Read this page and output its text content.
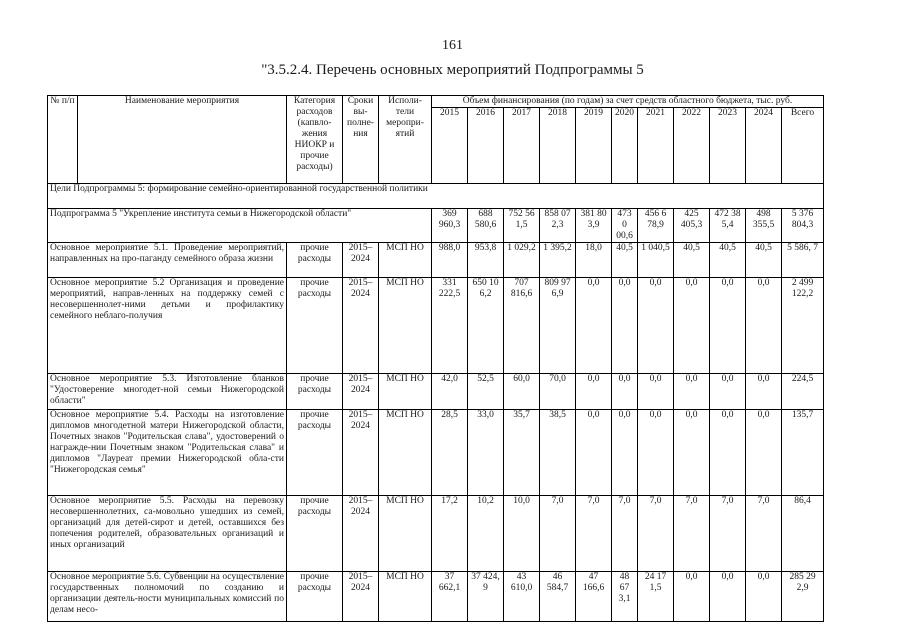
161
"3.5.2.4. Перечень основных мероприятий Подпрограммы 5
№ п/п	Наименование мероприятия	Категория расходов (капвло-жения НИОКР и прочие расходы)	Сроки вы-полне-ния	Исполи-тели меропри-ятий	Объем финансирования (по годам) за счет средств областного бюджета, тыс. руб.										
					2015	2016	2017	2018	2019	2020	2021	2022	2023	2024	Всего
Цели Подпрограммы 5: формирование семейно-ориентированной государственной политики															
Подпрограмма 5 "Укрепление института семьи в Нижегородской области"					369 960,3	688 580,6	752 56 1,5	858 07 2,3	381 80 3,9	473 0 00,6	456 6 78,9	425 405,3	472 38 5,4	498 355,5	5 376 804,3
Основное мероприятие 5.1. Проведение мероприятий, направленных на про-паганду семейного образа жизни		прочие расходы	2015– 2024	МСП НО	988,0	953,8	1 029,2	1 395,2	18,0	40,5	1 040,5	40,5	40,5	40,5	5 586, 7
Основное мероприятие 5.2 Организация и проведение мероприятий, направ-ленных на поддержку семей с несовершеннолет-ними детьми и профилактику семейного неблаго-получия		прочие расходы	2015– 2024	МСП НО	331 222,5	650 10 6,2	707 816,6	809 97 6,9	0,0	0,0	0,0	0,0	0,0	0,0	2 499 122,2
Основное мероприятие 5.3. Изготовление бланков "Удостоверение многодет-ной семьи Нижегородской области"		прочие расходы	2015– 2024	МСП НО	42,0	52,5	60,0	70,0	0,0	0,0	0,0	0,0	0,0	0,0	224,5
Основное мероприятие 5.4. Расходы на изготовление дипломов многодетной матери Нижегородской области, Почетных знаков "Родительская слава", удостоверений о награжде-нии Почетным знаком "Родительская слава" и дипломов "Лауреат премии Нижегородской обла-сти "Нижегородская семья"		прочие расходы	2015– 2024	МСП НО	28,5	33,0	35,7	38,5	0,0	0,0	0,0	0,0	0,0	0,0	135,7
Основное мероприятие 5.5. Расходы на перевозку несовершеннолетних, са-мовольно ушедших из семей, организаций для детей-сирот и детей, оставшихся без попечения родителей, образовательных организаций и иных организаций		прочие расходы	2015– 2024	МСП НО	17,2	10,2	10,0	7,0	7,0	7,0	7,0	7,0	7,0	7,0	86,4
Основное мероприятие 5.6. Субвенции на осуществление государственных полномочий по созданию и организации деятель-ности муниципальных комиссий по делам несо-		прочие расходы	2015– 2024	МСП НО	37 662,1	37 424, 9	43 610,0	46 584,7	47 166,6	48 67 3,1	24 17 1,5	0,0	0,0	0,0	285 29 2,9
